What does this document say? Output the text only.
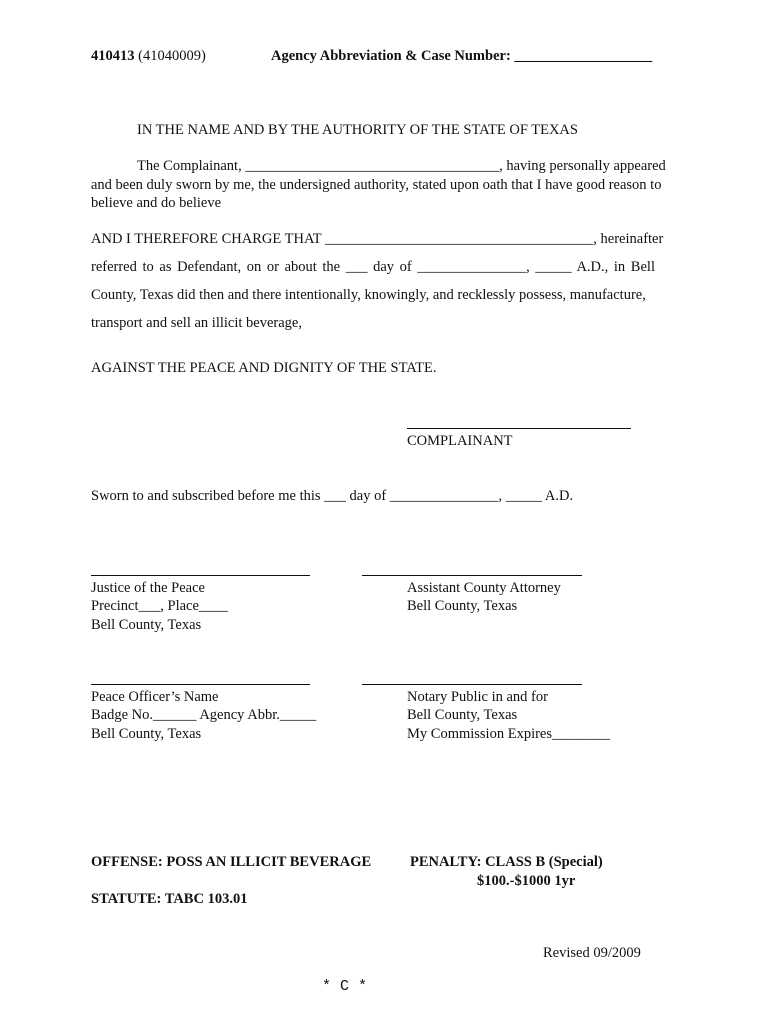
410413 (41040009)	Agency Abbreviation & Case Number: ___________________
IN THE NAME AND BY THE AUTHORITY OF THE STATE OF TEXAS
The Complainant, ___________________________________, having personally appeared
and been duly sworn by me, the undersigned authority, stated upon oath that I have good reason to
believe and do believe
AND I THEREFORE CHARGE THAT _____________________________________, hereinafter
referred to as Defendant, on or about the ___ day of _______________, _____ A.D., in Bell
County, Texas did then and there intentionally, knowingly, and recklessly possess, manufacture,
transport and sell an illicit beverage,
AGAINST THE PEACE AND DIGNITY OF THE STATE.
COMPLAINANT
Sworn to and subscribed before me this ___ day of _______________, _____ A.D.
Justice of the Peace
Precinct___, Place____
Bell County, Texas
Assistant County Attorney
Bell County, Texas
Peace Officer’s Name
Badge No.______ Agency Abbr._____
Bell County, Texas
Notary Public in and for
Bell County, Texas
My Commission Expires________
OFFENSE: POSS AN ILLICIT BEVERAGE	PENALTY: CLASS B (Special)
$100.-$1000 1yr
STATUTE: TABC 103.01
Revised 09/2009
* C *
